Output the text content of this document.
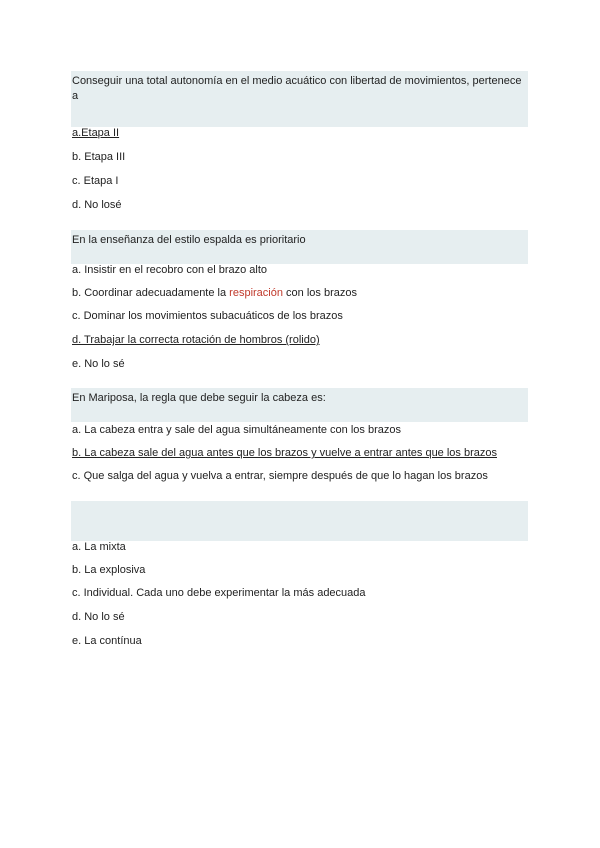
Conseguir una total autonomía en el medio acuático con libertad de movimientos, pertenece a
a.Etapa II
b. Etapa III
c. Etapa I
d. No losé
En la enseñanza del estilo espalda es prioritario
a. Insistir en el recobro con el brazo alto
b. Coordinar adecuadamente la respiración con los brazos
c. Dominar los movimientos subacuáticos de los brazos
d. Trabajar la correcta rotación de hombros (rolido)
e. No lo sé
En Mariposa, la regla que debe seguir la cabeza es:
a. La cabeza entra y sale del agua simultáneamente con los brazos
b. La cabeza sale del agua antes que los brazos y vuelve a entrar antes que los brazos
c. Que salga del agua y vuelva a entrar, siempre después de que lo hagan los brazos
a. La mixta
b. La explosiva
c. Individual. Cada uno debe experimentar la más adecuada
d. No lo sé
e. La contínua
